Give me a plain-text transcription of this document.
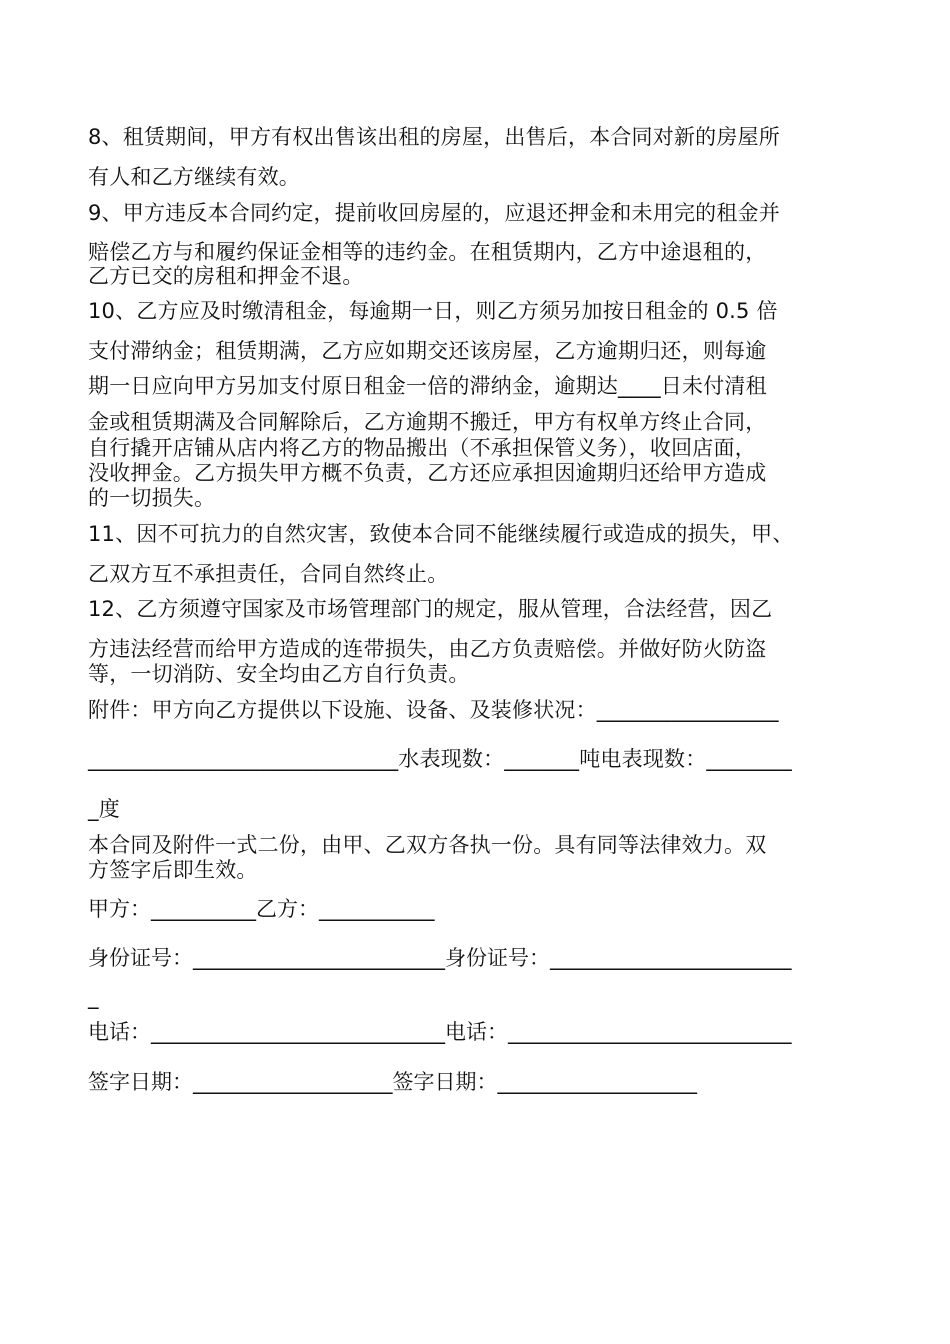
8、租赁期间，甲方有权出售该出租的房屋，出售后，本合同对新的房屋所
有人和乙方继续有效。
9、甲方违反本合同约定，提前收回房屋的，应退还押金和未用完的租金并
赔偿乙方与和履约保证金相等的违约金。在租赁期内，乙方中途退租的，
乙方已交的房租和押金不退。
10、乙方应及时缴清租金，每逾期一日，则乙方须另加按日租金的 0.5 倍
支付滞纳金；租赁期满，乙方应如期交还该房屋，乙方逾期归还，则每逾
期一日应向甲方另加支付原日租金一倍的滞纳金，逾期达____日未付清租
金或租赁期满及合同解除后，乙方逾期不搬迁，甲方有权单方终止合同，
自行撬开店铺从店内将乙方的物品搬出（不承担保管义务），收回店面，
没收押金。乙方损失甲方概不负责，乙方还应承担因逾期归还给甲方造成
的一切损失。
11、因不可抗力的自然灾害，致使本合同不能继续履行或造成的损失，甲、
乙双方互不承担责任，合同自然终止。
12、乙方须遵守国家及市场管理部门的规定，服从管理，合法经营，因乙
方违法经营而给甲方造成的连带损失，由乙方负责赔偿。并做好防火防盗
等，一切消防、安全均由乙方自行负责。
附件：甲方向乙方提供以下设施、设备、及装修状况：_________________
_____________________________水表现数：_______吨电表现数：________
_度
本合同及附件一式二份，由甲、乙双方各执一份。具有同等法律效力。双
方签字后即生效。
甲方：__________乙方：___________
身份证号：________________________身份证号：_______________________
_
电话：____________________________电话：___________________________
签字日期：___________________签字日期：___________________
